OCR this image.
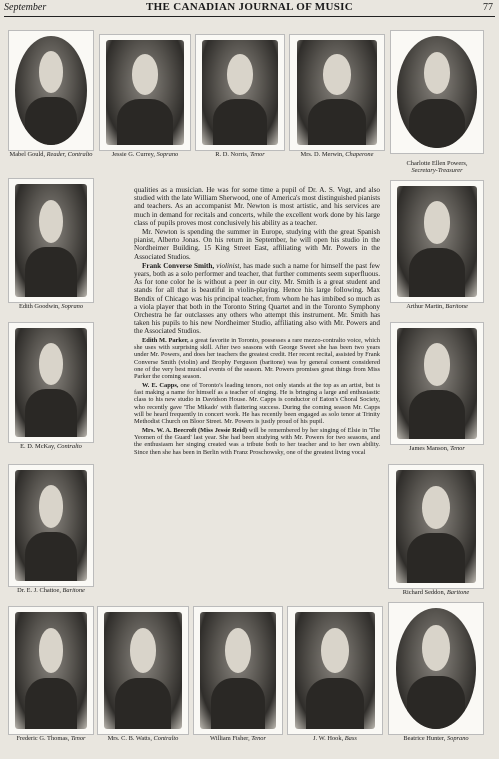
September	THE CANADIAN JOURNAL OF MUSIC	77
Mabel Gould, Reader, Contralto	Jessie G. Currey, Soprano	R. D. Norris, Tenor	Mrs. D. Merwin, Chaperone
Charlotte Ellen Powers,
Secretary-Treasurer
Edith Goodwin, Soprano
E. D. McKay, Contralto
Dr. E. J. Chattoe, Baritone
Arthur Martin, Baritone
James Manson, Tenor
Richard Seddon, Baritone
Frederic G. Thomas, Tenor	Mrs. C. B. Watts, Contralto	William Fisher, Tenor	J. W. Hook, Bass	Beatrice Hunter, Soprano

qualities as a musician. He was for some time a pupil of Dr. A. S. Vogt, and also studied with the late William Sherwood, one of America's most distinguished pianists and teachers. As an accompanist Mr. Newton is most artistic, and his services are much in demand for recitals and concerts, while the excellent work done by his large class of pupils proves most conclusively his ability as a teacher.

Mr. Newton is spending the summer in Europe, studying with the great Spanish pianist, Alberto Jonas. On his return in September, he will open his studio in the Nordheimer Building, 15 King Street East, affiliating with Mr. Powers in the Associated Studios.

Frank Converse Smith, violinist, has made such a name for himself the past few years, both as a solo performer and teacher, that further comments seem superfluous. As for tone color he is without a peer in our city. Mr. Smith is a great student and stands for all that is beautiful in violin-playing. Hence his large following. Max Bendix of Chicago was his principal teacher, from whom he has imbibed so much as a viola player that both in the Toronto String Quartet and in the Toronto Symphony Orchestra he far outclasses any others who attempt this instrument. Mr. Smith has taken his pupils to his new Nordheimer Studio, affiliating also with Mr. Powers and the Associated Studios.

Edith M. Parker, a great favorite in Toronto, possesses a rare mezzo-contralto voice, which she uses with surprising skill. After two seasons with George Sweet she has been two years under Mr. Powers, and does her teachers the greatest credit. Her recent recital, assisted by Frank Converse Smith (violin) and Brophy Ferguson (baritone) was by general consent considered one of the very best musical events of the season. Mr. Powers promises great things from Miss Parker the coming season.

W. E. Capps, one of Toronto's leading tenors, not only stands at the top as an artist, but is fast making a name for himself as a teacher of singing. He is bringing a large and enthusiastic class to his new studio in Davidson House. Mr. Capps is conductor of Eaton's Choral Society, who recently gave 'The Mikado' with flattering success. During the coming season Mr. Capps will be heard frequently in concert work. He has recently been engaged as solo tenor at Trinity Methodist Church on Bloor Street. Mr. Powers is justly proud of his pupil.

Mrs. W. A. Beecroft (Miss Jessie Reid) will be remembered by her singing of Elsie in 'The Yeomen of the Guard' last year. She had been studying with Mr. Powers for two seasons, and the enthusiasm her singing created was a tribute both to her teacher and to her own ability. Since then she has been in Berlin with Franz Proschowsky, one of the greatest living vocal
